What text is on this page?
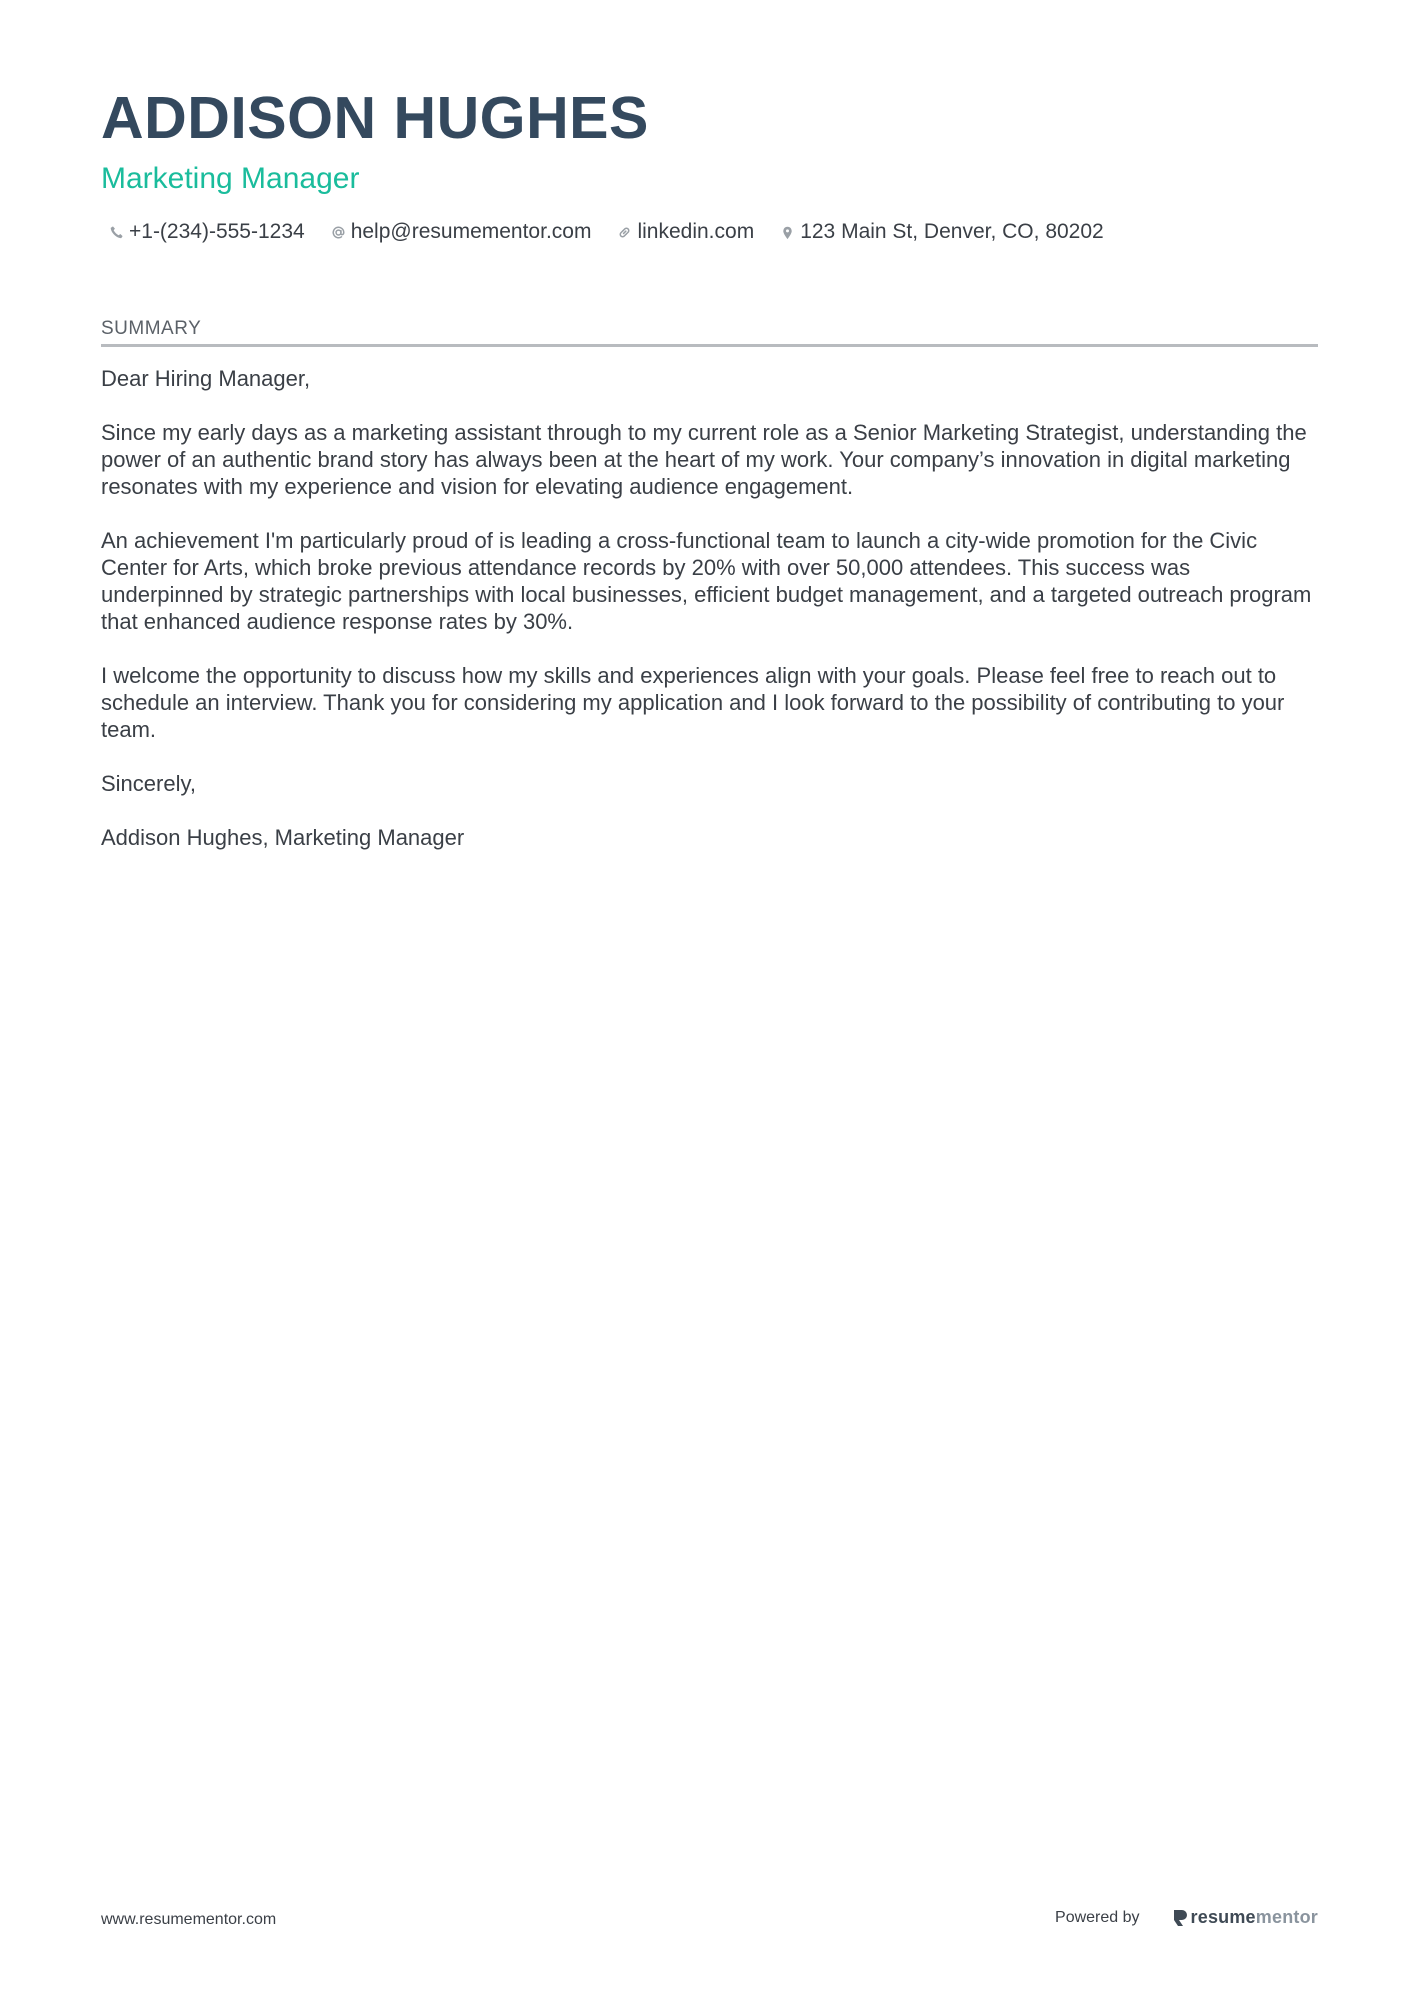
ADDISON HUGHES
Marketing Manager
+1-(234)-555-1234 help@resumementor.com linkedin.com 123 Main St, Denver, CO, 80202
SUMMARY

Dear Hiring Manager,

Since my early days as a marketing assistant through to my current role as a Senior Marketing Strategist, understanding the power of an authentic brand story has always been at the heart of my work. Your company’s innovation in digital marketing resonates with my experience and vision for elevating audience engagement.

An achievement I'm particularly proud of is leading a cross-functional team to launch a city-wide promotion for the Civic Center for Arts, which broke previous attendance records by 20% with over 50,000 attendees. This success was underpinned by strategic partnerships with local businesses, efficient budget management, and a targeted outreach program that enhanced audience response rates by 30%.

I welcome the opportunity to discuss how my skills and experiences align with your goals. Please feel free to reach out to schedule an interview. Thank you for considering my application and I look forward to the possibility of contributing to your team.

Sincerely,

Addison Hughes, Marketing Manager

www.resumementor.com	Powered by	resumementor
